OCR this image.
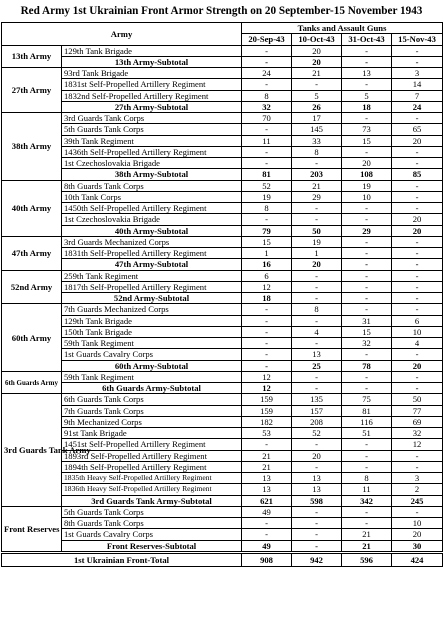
Red Army 1st Ukrainian Front Armor Strength on 20 September-15 November 1943
Army		Tanks and Assault Guns			
		20-Sep-43	10-Oct-43	31-Oct-43	15-Nov-43
13th Army	129th Tank Brigade	-	20	-	-
	13th Army-Subtotal	-	20	-	-
27th Army	93rd Tank Brigade	24	21	13	3
	1831st Self-Propelled Artillery Regiment	-	-	-	14
	1832nd Self-Propelled Artillery Regiment	8	5	5	7
	27th Army-Subtotal	32	26	18	24
38th Army	3rd Guards Tank Corps	70	17	-	-
	5th Guards Tank Corps	-	145	73	65
	39th Tank Regiment	11	33	15	20
	1436th Self-Propelled Artillery Regiment	-	8	-	-
	1st Czechoslovakia Brigade	-	-	20	-
	38th Army-Subtotal	81	203	108	85
40th Army	8th Guards Tank Corps	52	21	19	-
	10th Tank Corps	19	29	10	-
	1450th Self-Propelled Artillery Regiment	8	-	-	-
	1st Czechoslovakia Brigade	-	-	-	20
	40th Army-Subtotal	79	50	29	20
47th Army	3rd Guards Mechanized Corps	15	19	-	-
	1831th Self-Propelled Artillery Regiment	1	1	-	-
	47th Army-Subtotal	16	20	-	-
52nd Army	259th Tank Regiment	6	-	-	-
	1817th Self-Propelled Artillery Regiment	12	-	-	-
	52nd Army-Subtotal	18	-	-	-
60th Army	7th Guards Mechanized Corps	-	8	-	-
	129th Tank Brigade	-	-	31	6
	150th Tank Brigade	-	4	15	10
	59th Tank Regiment	-	-	32	4
	1st Guards Cavalry Corps	-	13	-	-
	60th Army-Subtotal	-	25	78	20
6th Guards Army	59th Tank Regiment	12	-	-	-
	6th Guards Army-Subtotal	12	-	-	-
3rd Guards Tank Army	6th Guards Tank Corps	159	135	75	50
	7th Guards Tank Corps	159	157	81	77
	9th Mechanized Corps	182	208	116	69
	91st Tank Brigade	53	52	51	32
	1451st Self-Propelled Artillery Regiment	-	-	-	12
	1893rd Self-Propelled Artillery Regiment	21	20	-	-
	1894th Self-Propelled Artillery Regiment	21	-	-	-
	1835th Heavy Self-Propelled Artillery Regiment	13	13	8	3
	1836th Heavy Self-Propelled Artillery Regiment	13	13	11	2
	3rd Guards Tank Army-Subtotal	621	598	342	245
Front Reserves	5th Guards Tank Corps	49	-	-	-
	8th Guards Tank Corps	-	-	-	10
	1st Guards Cavalry Corps	-	-	21	20
	Front Reserves-Subtotal	49	-	21	30
1st Ukrainian Front-Total		908	942	596	424
